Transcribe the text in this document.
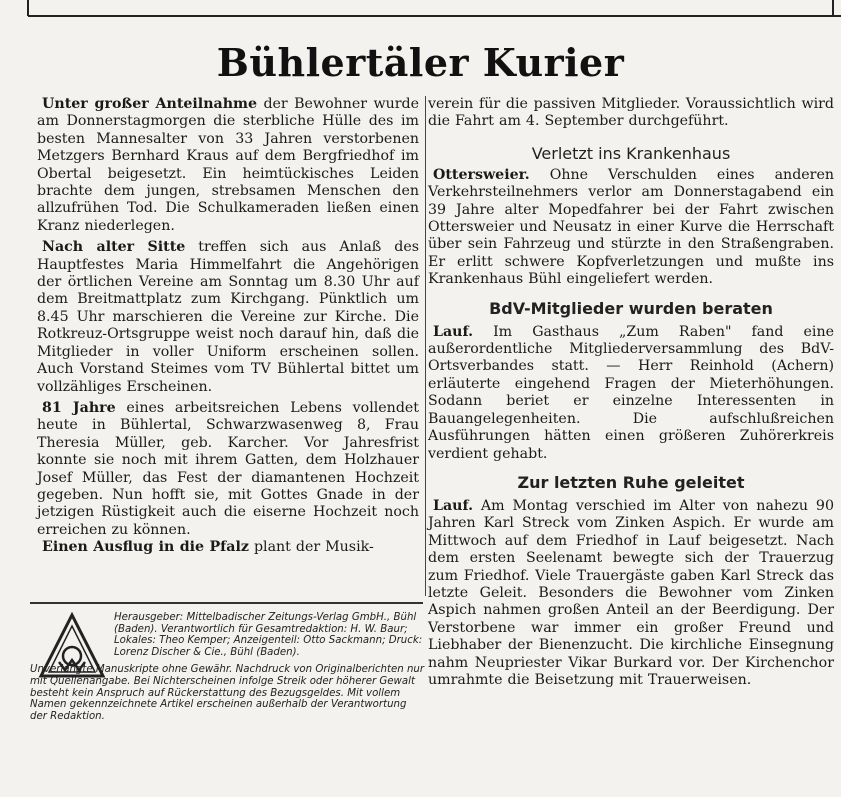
Bühlertäler Kurier

Unter großer Anteilnahme der Bewohner wurde am Donnerstagmorgen die sterbliche Hülle des im besten Mannesalter von 33 Jahren verstorbenen Metzgers Bernhard Kraus auf dem Bergfriedhof im Obertal beigesetzt. Ein heimtückisches Leiden brachte dem jungen, strebsamen Menschen den allzufrühen Tod. Die Schulkameraden ließen einen Kranz niederlegen.

Nach alter Sitte treffen sich aus Anlaß des Hauptfestes Maria Himmelfahrt die Angehörigen der örtlichen Vereine am Sonntag um 8.30 Uhr auf dem Breitmattplatz zum Kirchgang. Pünktlich um 8.45 Uhr marschieren die Vereine zur Kirche. Die Rotkreuz-Ortsgruppe weist noch darauf hin, daß die Mitglieder in voller Uniform erscheinen sollen. Auch Vorstand Steimes vom TV Bühlertal bittet um vollzähliges Erscheinen.

81 Jahre eines arbeitsreichen Lebens vollendet heute in Bühlertal, Schwarzwasenweg 8, Frau Theresia Müller, geb. Karcher. Vor Jahresfrist konnte sie noch mit ihrem Gatten, dem Holzhauer Josef Müller, das Fest der diamantenen Hochzeit gegeben. Nun hofft sie, mit Gottes Gnade in der jetzigen Rüstigkeit auch die eiserne Hochzeit noch erreichen zu können.

Einen Ausflug in die Pfalz plant der Musik-

verein für die passiven Mitglieder. Voraussichtlich wird die Fahrt am 4. September durchgeführt.

Verletzt ins Krankenhaus

Ottersweier. Ohne Verschulden eines anderen Verkehrsteilnehmers verlor am Donnerstagabend ein 39 Jahre alter Mopedfahrer bei der Fahrt zwischen Ottersweier und Neusatz in einer Kurve die Herrschaft über sein Fahrzeug und stürzte in den Straßengraben. Er erlitt schwere Kopfverletzungen und mußte ins Krankenhaus Bühl eingeliefert werden.

BdV-Mitglieder wurden beraten

Lauf. Im Gasthaus „Zum Raben" fand eine außerordentliche Mitgliederversammlung des BdV-Ortsverbandes statt. — Herr Reinhold (Achern) erläuterte eingehend Fragen der Mieterhöhungen. Sodann beriet er einzelne Interessenten in Bauangelegenheiten. Die aufschlußreichen Ausführungen hätten einen größeren Zuhörerkreis verdient gehabt.

Zur letzten Ruhe geleitet

Lauf. Am Montag verschied im Alter von nahezu 90 Jahren Karl Streck vom Zinken Aspich. Er wurde am Mittwoch auf dem Friedhof in Lauf beigesetzt. Nach dem ersten Seelenamt bewegte sich der Trauerzug zum Friedhof. Viele Trauergäste gaben Karl Streck das letzte Geleit. Besonders die Bewohner vom Zinken Aspich nahmen großen Anteil an der Beerdigung. Der Verstorbene war immer ein großer Freund und Liebhaber der Bienenzucht. Die kirchliche Einsegnung nahm Neupriester Vikar Burkard vor. Der Kirchenchor umrahmte die Beisetzung mit Trauerweisen.

Herausgeber: Mittelbadischer Zeitungs-Verlag GmbH., Bühl (Baden). Verantwortlich für Gesamtredaktion: H. W. Baur; Lokales: Theo Kemper; Anzeigenteil: Otto Sackmann; Druck: Lorenz Discher & Cie., Bühl (Baden).
Unverlangte Manuskripte ohne Gewähr. Nachdruck von Originalberichten nur mit Quellenangabe. Bei Nichterscheinen infolge Streik oder höherer Gewalt besteht kein Anspruch auf Rückerstattung des Bezugsgeldes. Mit vollem Namen gekennzeichnete Artikel erscheinen außerhalb der Verantwortung der Redaktion.
